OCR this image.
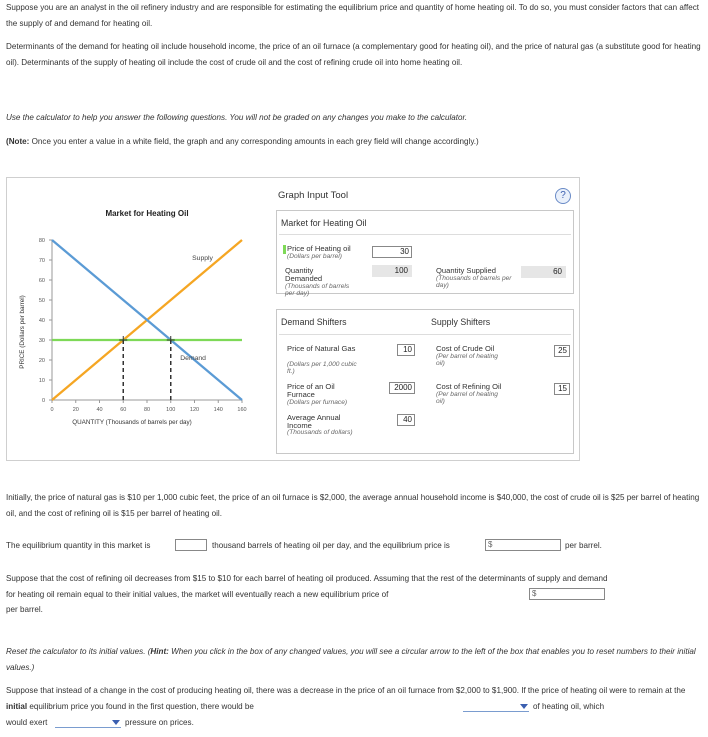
Suppose you are an analyst in the oil refinery industry and are responsible for estimating the equilibrium price and quantity of home heating oil. To do so, you must consider factors that can affect the supply of and demand for heating oil.

Determinants of the demand for heating oil include household income, the price of an oil furnace (a complementary good for heating oil), and the price of natural gas (a substitute good for heating oil). Determinants of the supply of heating oil include the cost of crude oil and the cost of refining crude oil into home heating oil.

Use the calculator to help you answer the following questions. You will not be graded on any changes you make to the calculator.

(Note: Once you enter a value in a white field, the graph and any corresponding amounts in each grey field will change accordingly.)

Market for Heating Oil
0
10
20
30
40
50
60
70
80
0	20	40	60	80	100	120	140	160
QUANTITY (Thousands of barrels per day)
PRICE (Dollars per barrel)
Supply
Demand
Graph Input Tool	?
Market for Heating Oil
Price of Heating oil
(Dollars per barrel)
30
Quantity Demanded
(Thousands of barrels per day)
100	Quantity Supplied
(Thousands of barrels per day)
60
Demand Shifters	Supply Shifters
Price of Natural Gas
(Dollars per 1,000 cubic ft.)
10
Price of an Oil Furnace
(Dollars per furnace)
2000
Average Annual Income
(Thousands of dollars)
40
Cost of Crude Oil
(Per barrel of heating oil)
25
Cost of Refining Oil
(Per barrel of heating oil)
15

Initially, the price of natural gas is $10 per 1,000 cubic feet, the price of an oil furnace is $2,000, the average annual household income is $40,000, the cost of crude oil is $25 per barrel of heating oil, and the cost of refining oil is $15 per barrel of heating oil.

The equilibrium quantity in this market is	thousand barrels of heating oil per day, and the equilibrium price is	$	per barrel.

Suppose that the cost of refining oil decreases from $15 to $10 for each barrel of heating oil produced. Assuming that the rest of the determinants of supply and demand for heating oil remain equal to their initial values, the market will eventually reach a new equilibrium price of	$
per barrel.

Reset the calculator to its initial values. (Hint: When you click in the box of any changed values, you will see a circular arrow to the left of the box that enables you to reset numbers to their initial values.)

Suppose that instead of a change in the cost of producing heating oil, there was a decrease in the price of an oil furnace from $2,000 to $1,900. If the price of heating oil were to remain at the
initial equilibrium price you found in the first question, there would be	of heating oil, which
would exert	pressure on prices.
